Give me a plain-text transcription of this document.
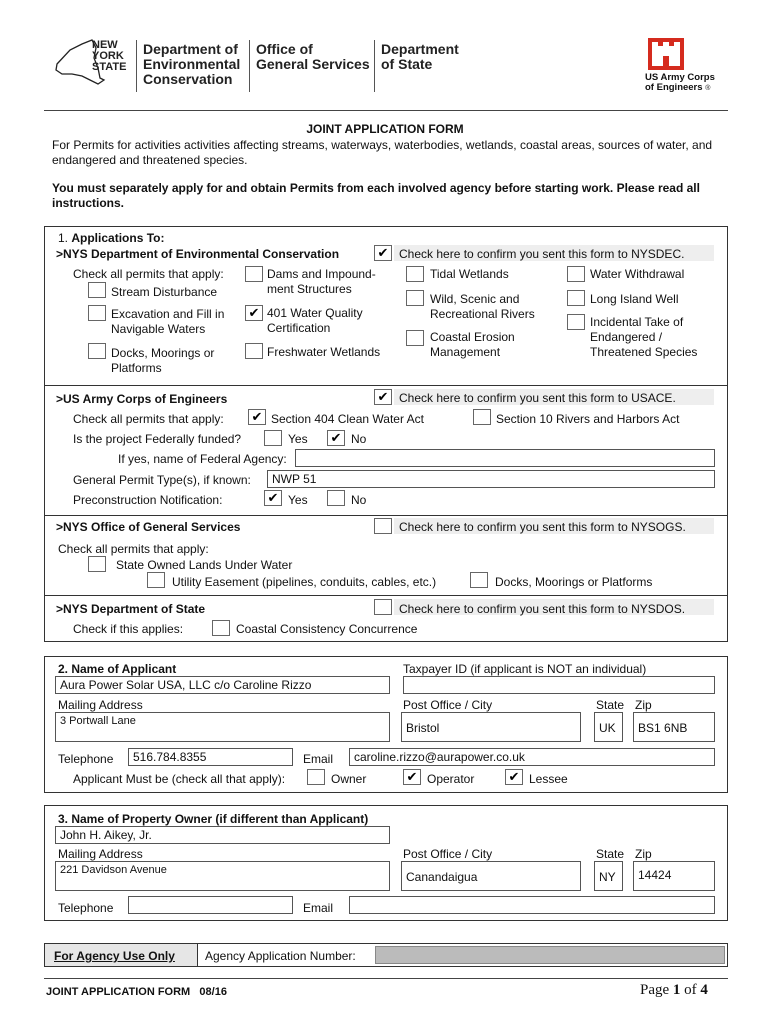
NEW
YORK
STATE
Department of
Environmental
Conservation
Office of
General Services
Department
of State
US Army Corps
of Engineers ®
JOINT APPLICATION FORM
For Permits for activities activities affecting streams, waterways, waterbodies, wetlands, coastal areas, sources of water, and endangered and threatened species.
You must separately apply for and obtain Permits from each involved agency before starting work. Please read all instructions.
1. Applications To:
>NYS Department of Environmental Conservation	✔ Check here to confirm you sent this form to NYSDEC.
Check all permits that apply:
Stream Disturbance
Excavation and Fill in Navigable Waters
Docks, Moorings or Platforms
Dams and Impound-ment Structures
✔ 401 Water Quality Certification
Freshwater Wetlands
Tidal Wetlands
Wild, Scenic and Recreational Rivers
Coastal Erosion Management
Water Withdrawal
Long Island Well
Incidental Take of Endangered / Threatened Species
>US Army Corps of Engineers	✔ Check here to confirm you sent this form to USACE.
Check all permits that apply: ✔ Section 404 Clean Water Act	Section 10 Rivers and Harbors Act
Is the project Federally funded?	Yes ✔ No
If yes, name of Federal Agency:
General Permit Type(s), if known:	NWP 51
Preconstruction Notification:	✔ Yes	No
>NYS Office of General Services	Check here to confirm you sent this form to NYSOGS.
Check all permits that apply:
State Owned Lands Under Water
Utility Easement (pipelines, conduits, cables, etc.)	Docks, Moorings or Platforms
>NYS Department of State	Check here to confirm you sent this form to NYSDOS.
Check if this applies:	Coastal Consistency Concurrence
2. Name of Applicant	Taxpayer ID (if applicant is NOT an individual)
Aura Power Solar USA, LLC c/o Caroline Rizzo
Mailing Address	Post Office / City	State Zip
3 Portwall Lane	Bristol	UK	BS1 6NB
Telephone	516.784.8355	Email	caroline.rizzo@aurapower.co.uk
Applicant Must be (check all that apply):	Owner	✔ Operator	✔ Lessee
3. Name of Property Owner (if different than Applicant)
John H. Aikey, Jr.
Mailing Address	Post Office / City	State Zip
221 Davidson Avenue	Canandaigua	NY	14424
Telephone	Email
For Agency Use Only	Agency Application Number:
JOINT APPLICATION FORM 08/16	Page 1 of 4
